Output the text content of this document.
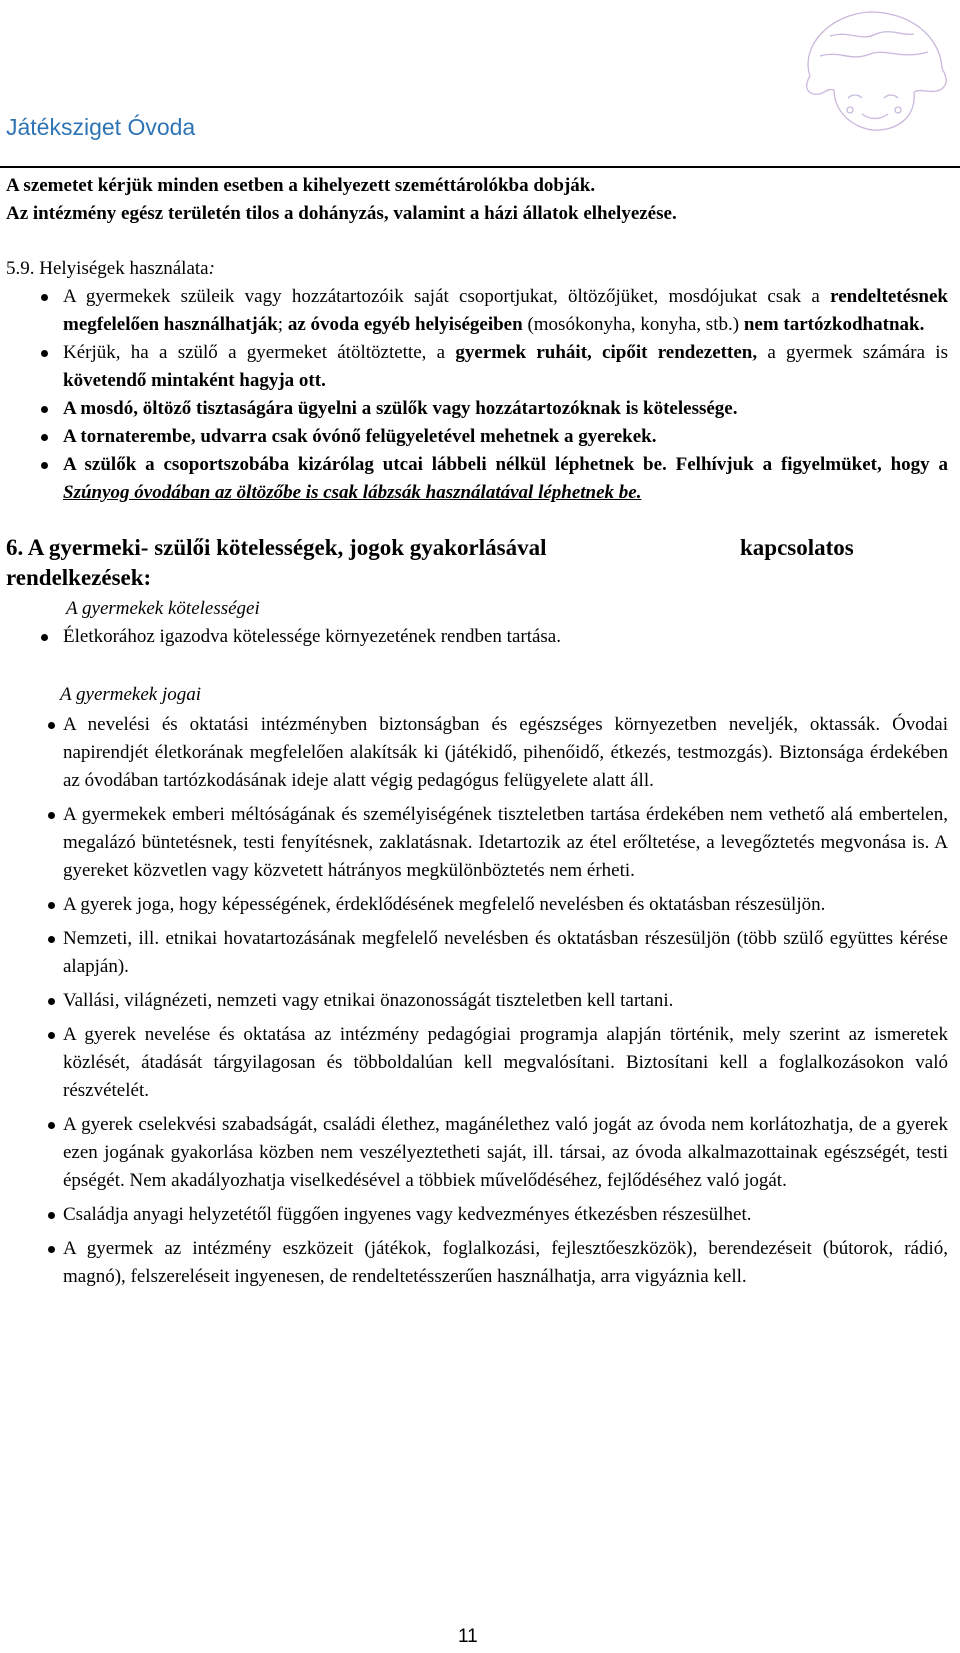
Játéksziget Óvoda

A szemetet kérjük minden esetben a kihelyezett szeméttárolókba dobják.

Az intézmény egész területén tilos a dohányzás, valamint a házi állatok elhelyezése.

5.9. Helyiségek használata:

A gyermekek szüleik vagy hozzátartozóik saját csoportjukat, öltözőjüket, mosdójukat csak a rendeltetésnek megfelelően használhatják; az óvoda egyéb helyiségeiben (mosókonyha, konyha, stb.) nem tartózkodhatnak.
Kérjük, ha a szülő a gyermeket átöltöztette, a gyermek ruháit, cipőit rendezetten, a gyermek számára is követendő mintaként hagyja ott.
A mosdó, öltöző tisztaságára ügyelni a szülők vagy hozzátartozóknak is kötelessége.
A tornaterembe, udvarra csak óvónő felügyeletével mehetnek a gyerekek.
A szülők a csoportszobába kizárólag utcai lábbeli nélkül léphetnek be. Felhívjuk a figyelmüket, hogy a Szúnyog óvodában az öltözőbe is csak lábzsák használatával léphetnek be.
6. A gyermeki- szülői kötelességek, jogok gyakorlásával	kapcsolatos
rendelkezések:

A gyermekek kötelességei

Életkorához igazodva kötelessége környezetének rendben tartása.

A gyermekek jogai

A nevelési és oktatási intézményben biztonságban és egészséges környezetben neveljék, oktassák. Óvodai napirendjét életkorának megfelelően alakítsák ki (játékidő, pihenőidő, étkezés, testmozgás). Biztonsága érdekében az óvodában tartózkodásának ideje alatt végig pedagógus felügyelete alatt áll.
A gyermekek emberi méltóságának és személyiségének tiszteletben tartása érdekében nem vethető alá embertelen, megalázó büntetésnek, testi fenyítésnek, zaklatásnak. Idetartozik az étel erőltetése, a levegőztetés megvonása is. A gyereket közvetlen vagy közvetett hátrányos megkülönböztetés nem érheti.
A gyerek joga, hogy képességének, érdeklődésének megfelelő nevelésben és oktatásban részesüljön.
Nemzeti, ill. etnikai hovatartozásának megfelelő nevelésben és oktatásban részesüljön (több szülő együttes kérése alapján).
Vallási, világnézeti, nemzeti vagy etnikai önazonosságát tiszteletben kell tartani.
A gyerek nevelése és oktatása az intézmény pedagógiai programja alapján történik, mely szerint az ismeretek közlését, átadását tárgyilagosan és többoldalúan kell megvalósítani. Biztosítani kell a foglalkozásokon való részvételét.
A gyerek cselekvési szabadságát, családi élethez, magánélethez való jogát az óvoda nem korlátozhatja, de a gyerek ezen jogának gyakorlása közben nem veszélyeztetheti saját, ill. társai, az óvoda alkalmazottainak egészségét, testi épségét. Nem akadályozhatja viselkedésével a többiek művelődéséhez, fejlődéséhez való jogát.
Családja anyagi helyzetétől függően ingyenes vagy kedvezményes étkezésben részesülhet.
A gyermek az intézmény eszközeit (játékok, foglalkozási, fejlesztőeszközök), berendezéseit (bútorok, rádió, magnó), felszereléseit ingyenesen, de rendeltetésszerűen használhatja, arra vigyáznia kell.
11
